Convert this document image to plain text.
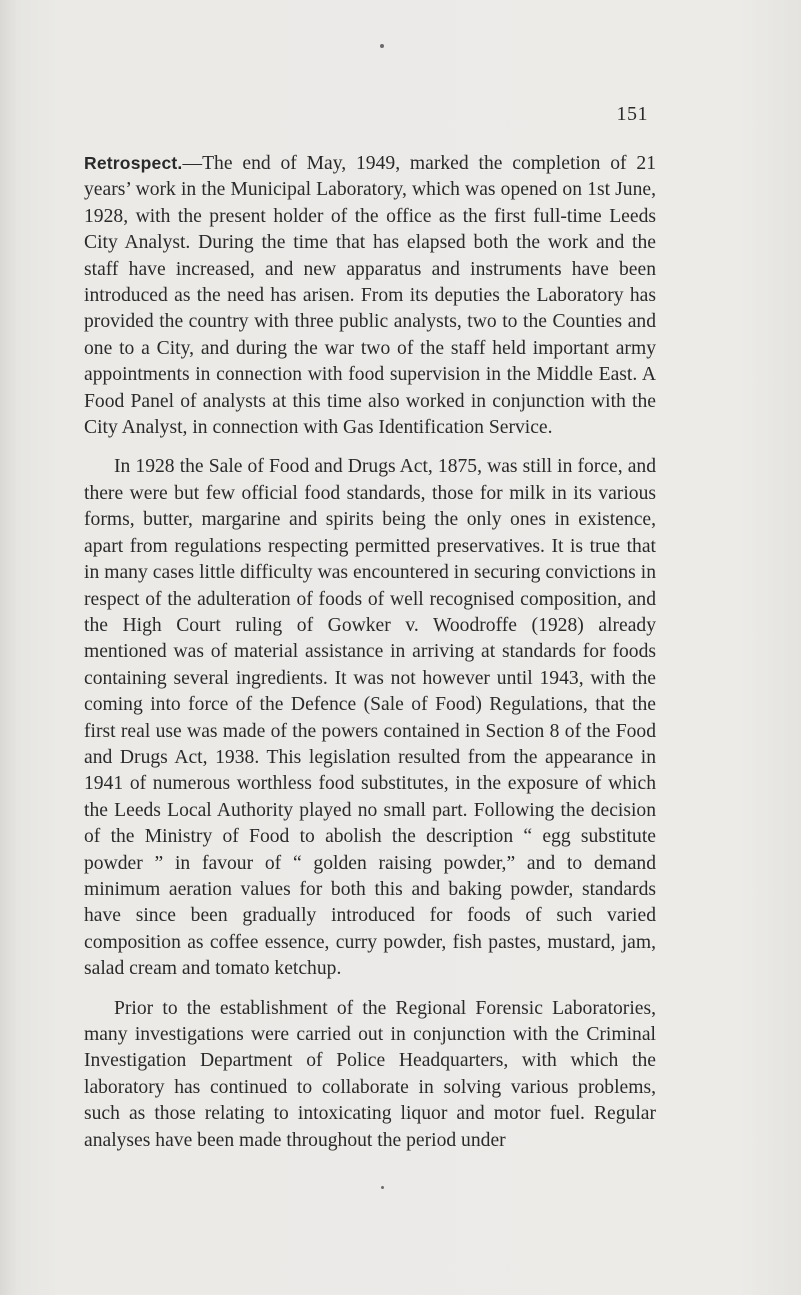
151

Retrospect.—The end of May, 1949, marked the completion of 21 years’ work in the Municipal Laboratory, which was opened on 1st June, 1928, with the present holder of the office as the first full-time Leeds City Analyst. During the time that has elapsed both the work and the staff have increased, and new apparatus and instruments have been introduced as the need has arisen. From its deputies the Laboratory has provided the country with three public analysts, two to the Counties and one to a City, and during the war two of the staff held important army appointments in connection with food supervision in the Middle East. A Food Panel of analysts at this time also worked in conjunction with the City Analyst, in connection with Gas Identification Service.

In 1928 the Sale of Food and Drugs Act, 1875, was still in force, and there were but few official food standards, those for milk in its various forms, butter, margarine and spirits being the only ones in existence, apart from regulations respecting permitted preservatives. It is true that in many cases little difficulty was encountered in securing convictions in respect of the adulteration of foods of well recognised composition, and the High Court ruling of Gowker v. Woodroffe (1928) already mentioned was of material assistance in arriving at standards for foods containing several ingredients. It was not however until 1943, with the coming into force of the Defence (Sale of Food) Regulations, that the first real use was made of the powers contained in Section 8 of the Food and Drugs Act, 1938. This legislation resulted from the appearance in 1941 of numerous worthless food substitutes, in the exposure of which the Leeds Local Authority played no small part. Following the decision of the Ministry of Food to abolish the description “ egg substitute powder ” in favour of “ golden raising powder,” and to demand minimum aeration values for both this and baking powder, standards have since been gradually introduced for foods of such varied composition as coffee essence, curry powder, fish pastes, mustard, jam, salad cream and tomato ketchup.

Prior to the establishment of the Regional Forensic Laboratories, many investigations were carried out in conjunction with the Criminal Investigation Department of Police Headquarters, with which the laboratory has continued to collaborate in solving various problems, such as those relating to intoxicating liquor and motor fuel. Regular analyses have been made throughout the period under
